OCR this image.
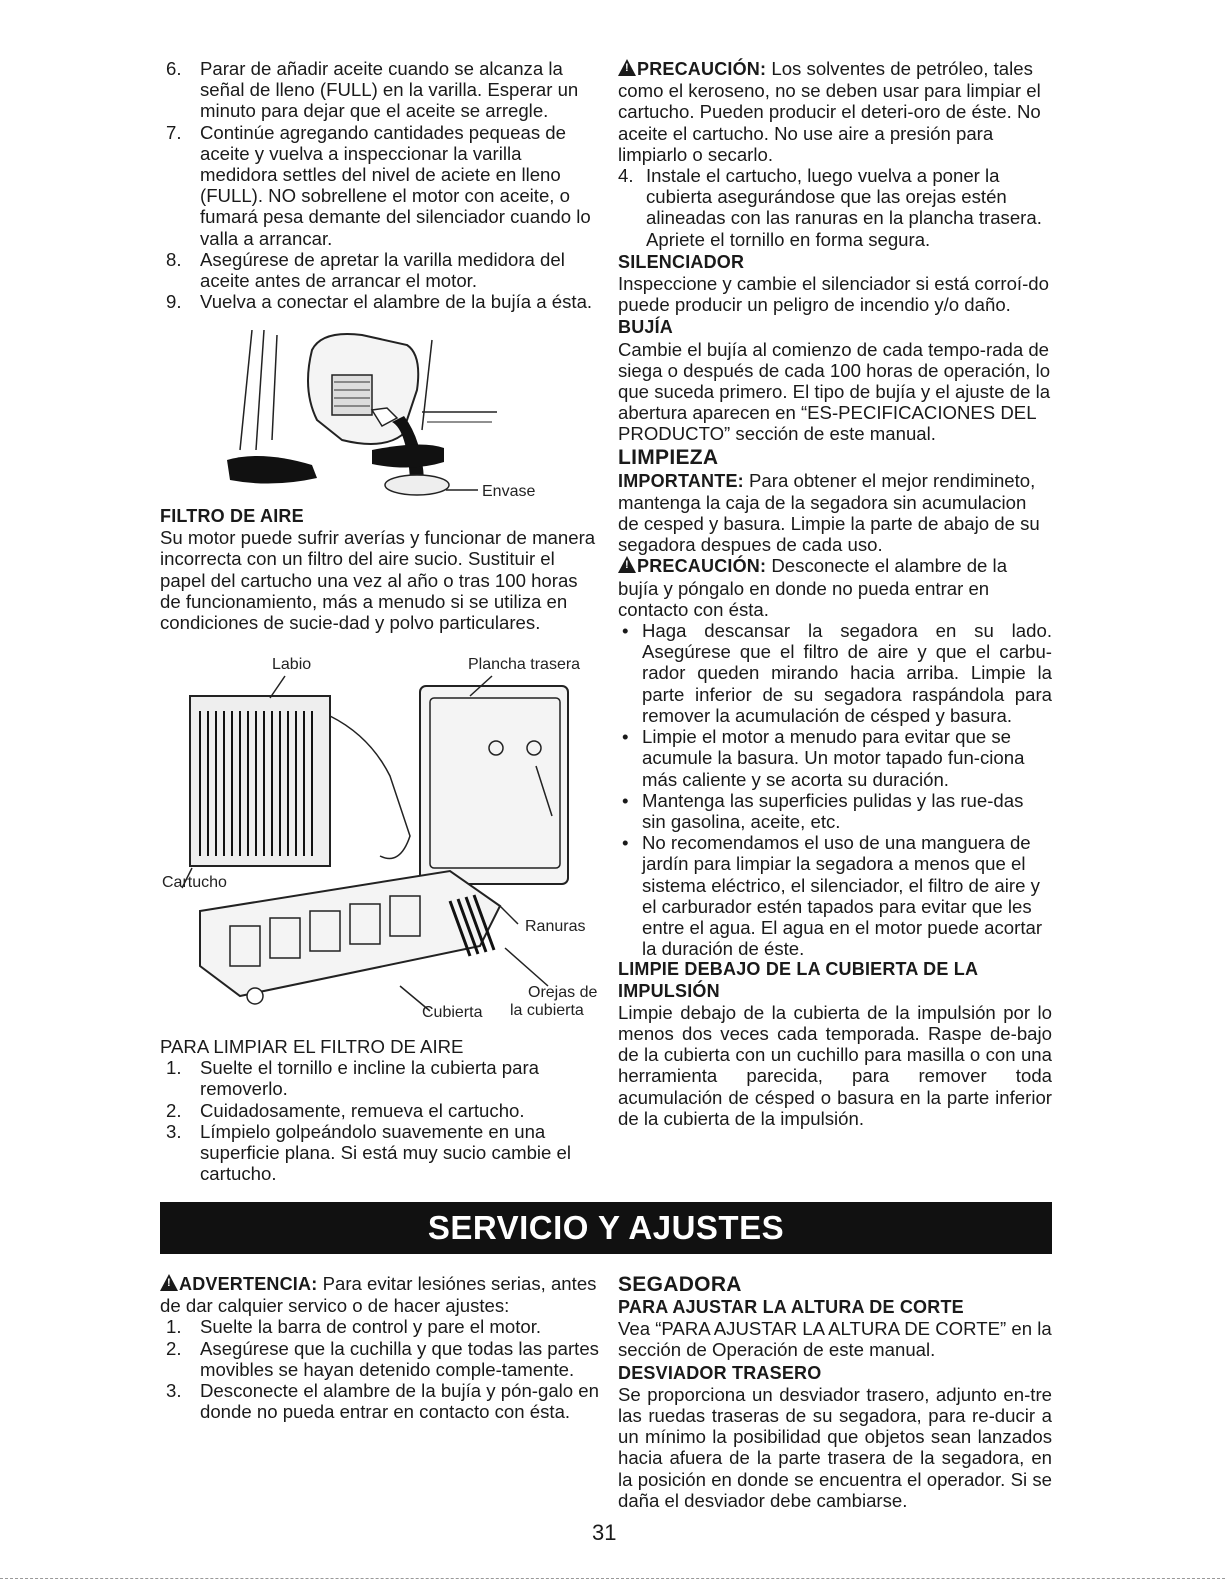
6. Parar de añadir aceite cuando se alcanza la señal de lleno (FULL) en la varilla. Esperar un minuto para dejar que el aceite se arregle.
7. Continúe agregando cantidades pequeas de aceite y vuelva a inspeccionar la varilla medidora settles del nivel de aciete en lleno (FULL). NO sobrellene el motor con aceite, o fumará pesa demante del silenciador cuando lo valla a arrancar.
8. Asegúrese de apretar la varilla medidora del aceite antes de arrancar el motor.
9. Vuelva a conectar el alambre de la bujía a ésta.
Envase

FILTRO DE AIRE

Su motor puede sufrir averías y funcionar de manera incorrecta con un filtro del aire sucio. Sustituir el papel del cartucho una vez al año o tras 100 horas de funcionamiento, más a menudo si se utiliza en condiciones de sucie-dad y polvo particulares.

Labio	Plancha trasera
Cartucho
Ranuras
Orejas de
la cubierta
Cubierta

PARA LIMPIAR EL FILTRO DE AIRE

1. Suelte el tornillo e incline la cubierta para removerlo.
2. Cuidadosamente, remueva el cartucho.
3. Límpielo golpeándolo suavemente en una superficie plana. Si está muy sucio cambie el cartucho.

!PRECAUCIÓN: Los solventes de petróleo, tales como el keroseno, no se deben usar para limpiar el cartucho. Pueden producir el deteri-oro de éste. No aceite el cartucho. No use aire a presión para limpiarlo o secarlo.

4. Instale el cartucho, luego vuelva a poner la cubierta asegurándose que las orejas estén alineadas con las ranuras en la plancha trasera. Apriete el tornillo en forma segura.

SILENCIADOR

Inspeccione y cambie el silenciador si está corroí-do puede producir un peligro de incendio y/o daño.

BUJÍA

Cambie el bujía al comienzo de cada tempo-rada de siega o después de cada 100 horas de operación, lo que suceda primero. El tipo de bujía y el ajuste de la abertura aparecen en “ES-PECIFICACIONES DEL PRODUCTO” sección de este manual.

LIMPIEZA

IMPORTANTE: Para obtener el mejor rendimineto, mantenga la caja de la segadora sin acumulacion de cesped y basura. Limpie la parte de abajo de su segadora despues de cada uso.

!PRECAUCIÓN: Desconecte el alambre de la bujía y póngalo en donde no pueda entrar en contacto con ésta.

• Haga descansar la segadora en su lado. Asegúrese que el filtro de aire y que el carbu-rador queden mirando hacia arriba. Limpie la parte inferior de su segadora raspándola para remover la acumulación de césped y basura.
• Limpie el motor a menudo para evitar que se acumule la basura. Un motor tapado fun-ciona más caliente y se acorta su duración.
• Mantenga las superficies pulidas y las rue-das sin gasolina, aceite, etc.
• No recomendamos el uso de una manguera de jardín para limpiar la segadora a menos que el sistema eléctrico, el silenciador, el filtro de aire y el carburador estén tapados para evitar que les entre el agua. El agua en el motor puede acortar la duración de éste.

LIMPIE DEBAJO DE LA CUBIERTA DE LA IMPULSIÓN

Limpie debajo de la cubierta de la impulsión por lo menos dos veces cada temporada. Raspe de-bajo de la cubierta con un cuchillo para masilla o con una herramienta parecida, para remover toda acumulación de césped o basura en la parte inferior de la cubierta de la impulsión.

SERVICIO Y AJUSTES

!ADVERTENCIA: Para evitar lesiónes serias, antes de dar calquier servico o de hacer ajustes:

1. Suelte la barra de control y pare el motor.
2. Asegúrese que la cuchilla y que todas las partes movibles se hayan detenido comple-tamente.
3. Desconecte el alambre de la bujía y pón-galo en donde no pueda entrar en contacto con ésta.

SEGADORA

PARA AJUSTAR LA ALTURA DE CORTE

Vea “PARA AJUSTAR LA ALTURA DE CORTE” en la sección de Operación de este manual.

DESVIADOR TRASERO

Se proporciona un desviador trasero, adjunto en-tre las ruedas traseras de su segadora, para re-ducir a un mínimo la posibilidad que objetos sean lanzados hacia afuera de la parte trasera de la segadora, en la posición en donde se encuentra el operador. Si se daña el desviador debe cambiarse.

31
